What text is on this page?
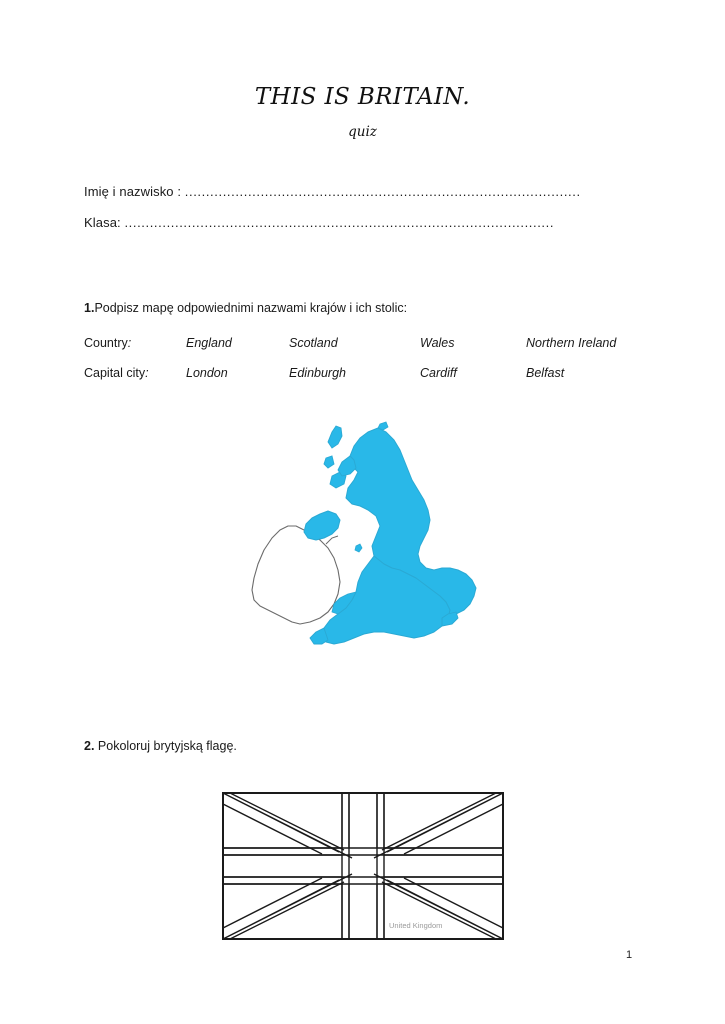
THIS IS BRITAIN.
quiz
Imię i nazwisko : ..............................................................................................
Klasa: ......................................................................................................
1.Podpisz mapę odpowiednimi nazwami krajów i ich stolic:
Country:	England	Scotland	Wales	Northern Ireland
Capital city:	London	Edinburgh	Cardiff	Belfast
2. Pokoloruj brytyjską flagę.
United Kingdom
1
